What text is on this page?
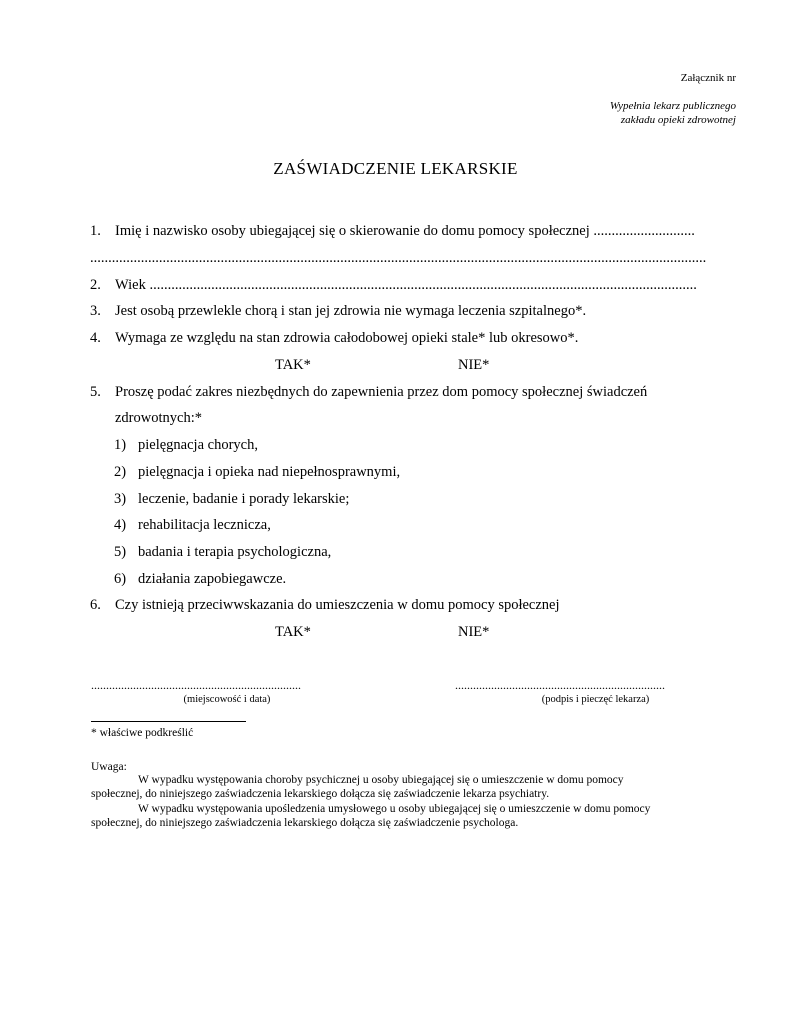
Załącznik nr
Wypełnia lekarz publicznego
zakładu opieki zdrowotnej
ZAŚWIADCZENIE LEKARSKIE
1. Imię i nazwisko osoby ubiegającej się o skierowanie do domu pomocy społecznej ............................
..........................................................................................................................................................................
2. Wiek .......................................................................................................................................................
3. Jest osobą przewlekle chorą i stan jej zdrowia nie wymaga leczenia szpitalnego*.
4. Wymaga ze względu na stan zdrowia całodobowej opieki stale* lub okresowo*.
TAK*	NIE*
5. Proszę podać zakres niezbędnych do zapewnienia przez dom pomocy społecznej świadczeń
zdrowotnych:*
1) pielęgnacja chorych,
2) pielęgnacja i opieka nad niepełnosprawnymi,
3) leczenie, badanie i porady lekarskie;
4) rehabilitacja lecznicza,
5) badania i terapia psychologiczna,
6) działania zapobiegawcze.
6. Czy istnieją przeciwwskazania do umieszczenia w domu pomocy społecznej
TAK*	NIE*
......................................................................
(miejscowość i data)
......................................................................
(podpis i pieczęć lekarza)
* właściwe podkreślić
Uwaga:
W wypadku występowania choroby psychicznej u osoby ubiegającej się o umieszczenie w domu pomocy
społecznej, do niniejszego zaświadczenia lekarskiego dołącza się zaświadczenie lekarza psychiatry.
W wypadku występowania upośledzenia umysłowego u osoby ubiegającej się o umieszczenie w domu pomocy
społecznej, do niniejszego zaświadczenia lekarskiego dołącza się zaświadczenie psychologa.
